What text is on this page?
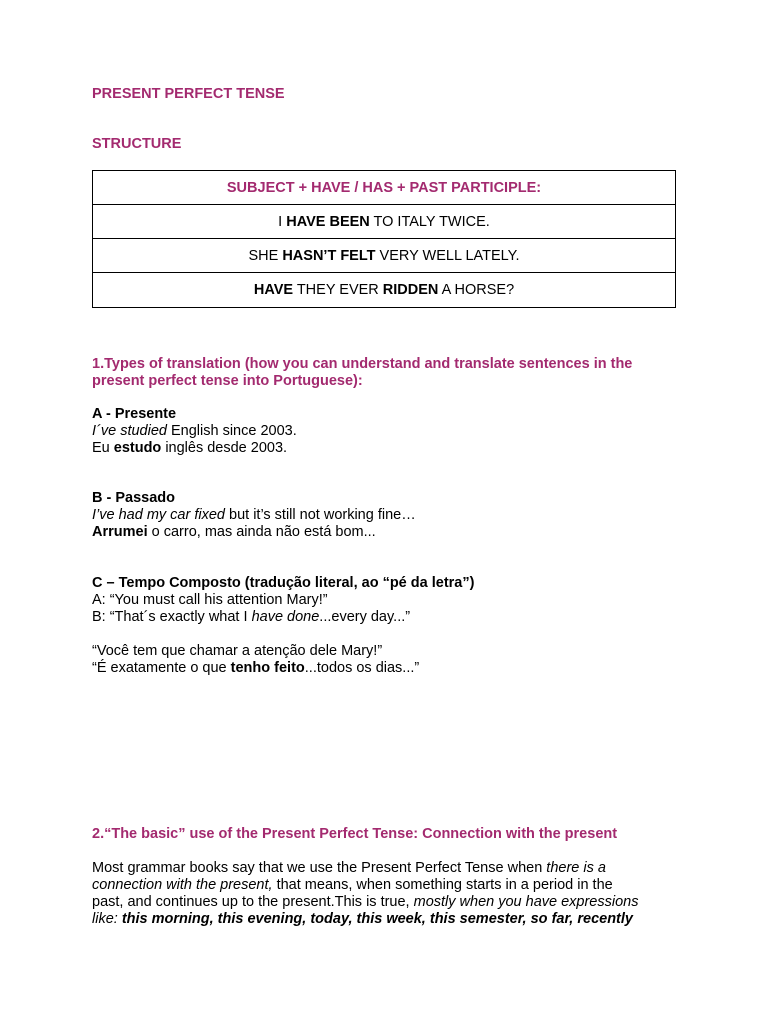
PRESENT PERFECT TENSE

STRUCTURE

SUBJECT + HAVE / HAS + PAST PARTICIPLE:
I HAVE BEEN TO ITALY TWICE.
SHE HASN’T FELT VERY WELL LATELY.
HAVE THEY EVER RIDDEN A HORSE?

1.Types of translation (how you can understand and translate sentences in the

present perfect tense into Portuguese):

A - Presente

I´ve studied English since 2003.

Eu estudo inglês desde 2003.

B - Passado

I’ve had my car fixed but it’s still not working fine…

Arrumei o carro, mas ainda não está bom...

C – Tempo Composto (tradução literal, ao “pé da letra”)

A: “You must call his attention Mary!”

B: “That´s exactly what I have done...every day...”

“Você tem que chamar a atenção dele Mary!”

“É exatamente o que tenho feito...todos os dias...”

2.“The basic” use of the Present Perfect Tense: Connection with the present

Most grammar books say that we use the Present Perfect Tense when there is a

connection with the present, that means, when something starts in a period in the

past, and continues up to the present.This is true, mostly when you have expressions

like: this morning, this evening, today, this week, this semester, so far, recently
